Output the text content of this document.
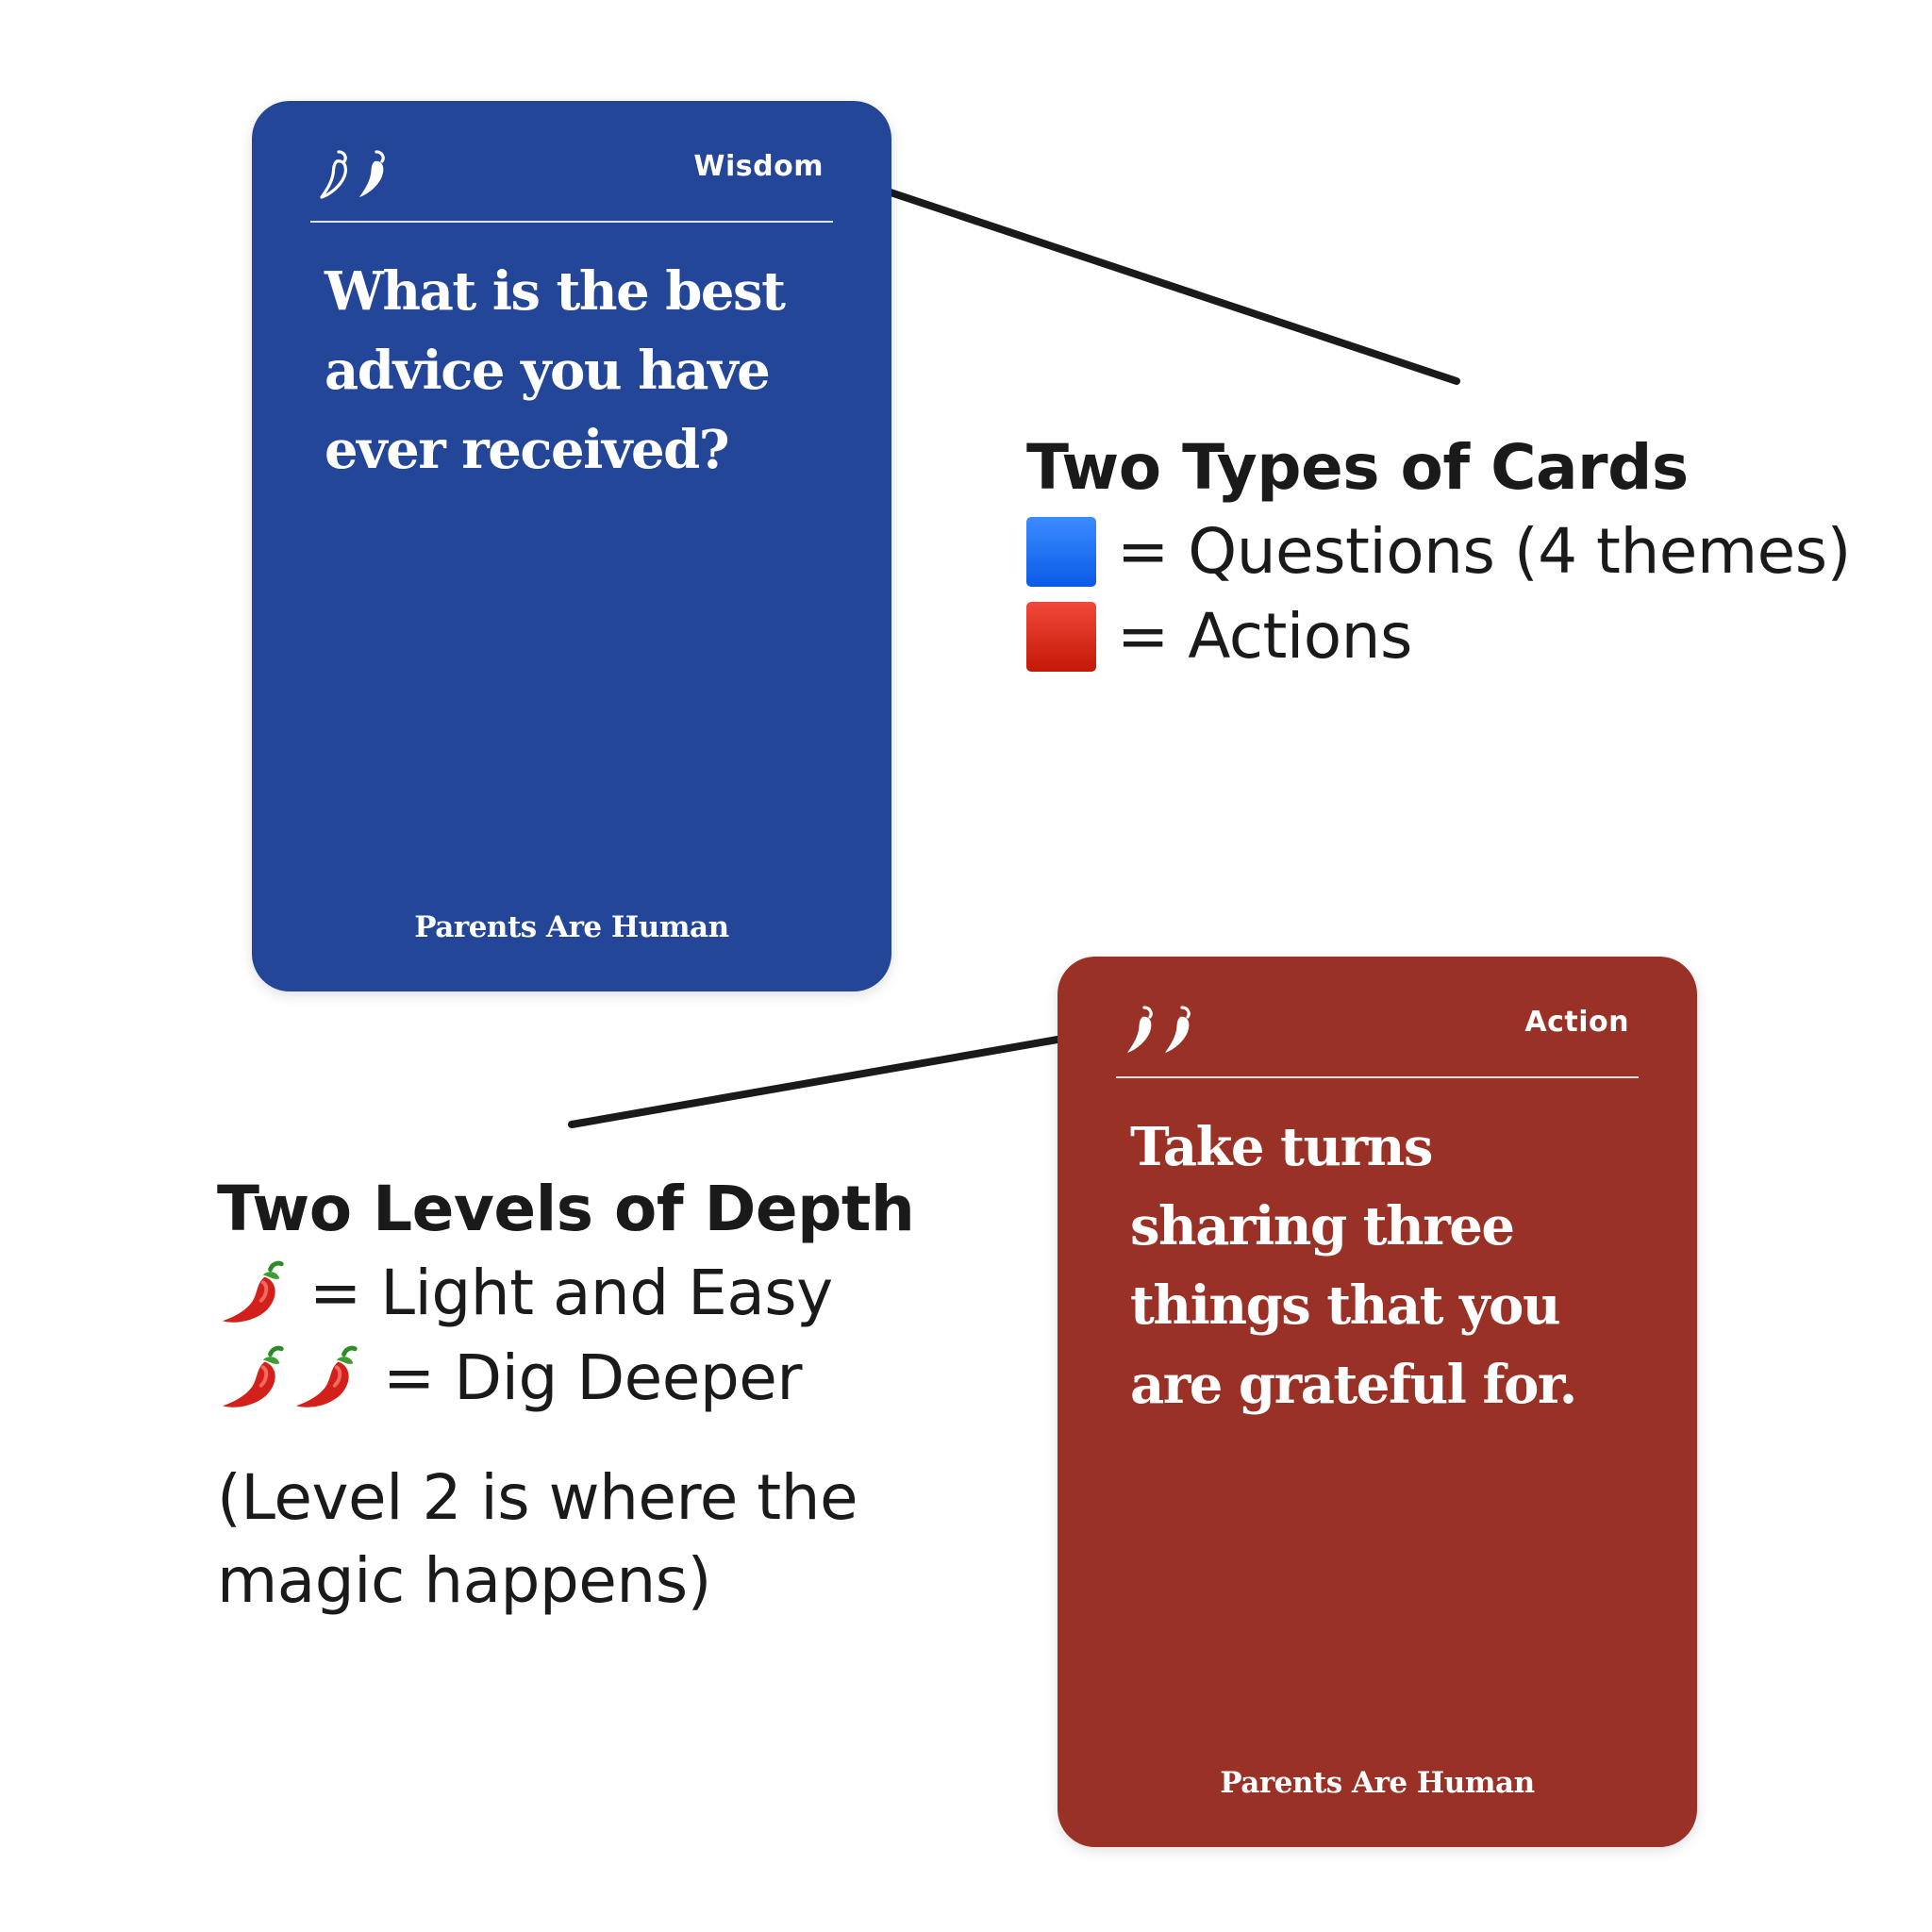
Wisdom

What is the best
advice you have
ever received?

Parents Are Human
Action

Take turns
sharing three
things that you
are grateful for.

Parents Are Human
Two Types of Cards
= Questions (4 themes)
= Actions
Two Levels of Depth
= Light and Easy
= Dig Deeper
(Level 2 is where the
magic happens)
